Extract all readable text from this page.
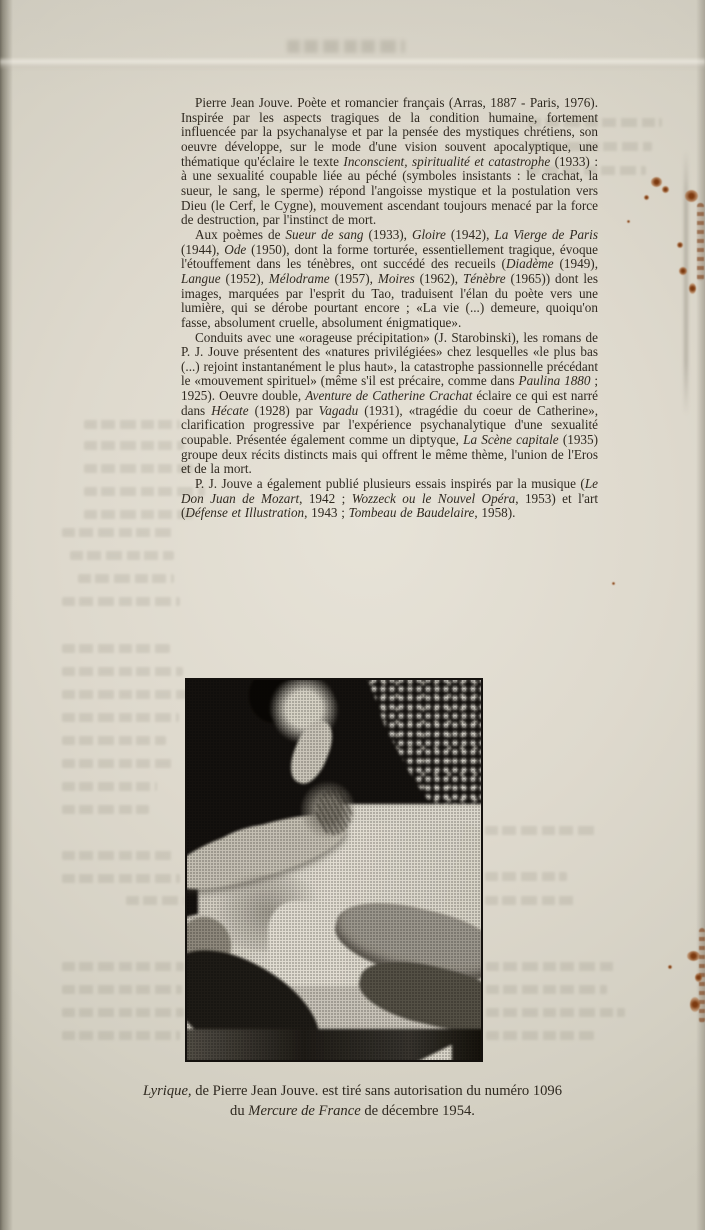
Pierre Jean Jouve. Poète et romancier français (Arras, 1887 - Paris, 1976). Inspirée par les aspects tragiques de la condition humaine, fortement influencée par la psychanalyse et par la pensée des mystiques chrétiens, son oeuvre développe, sur le mode d'une vision souvent apocalyptique, une thématique qu'éclaire le texte Inconscient, spiritualité et catastrophe (1933) : à une sexualité coupable liée au péché (symboles insistants : le crachat, la sueur, le sang, le sperme) répond l'angoisse mystique et la postulation vers Dieu (le Cerf, le Cygne), mouvement ascendant toujours menacé par la force de destruction, par l'instinct de mort.

Aux poèmes de Sueur de sang (1933), Gloire (1942), La Vierge de Paris (1944), Ode (1950), dont la forme torturée, essentiellement tragique, évoque l'étouffement dans les ténèbres, ont succédé des recueils (Diadème (1949), Langue (1952), Mélodrame (1957), Moires (1962), Ténèbre (1965)) dont les images, marquées par l'esprit du Tao, traduisent l'élan du poète vers une lumière, qui se dérobe pourtant encore ; «La vie (...) demeure, quoiqu'on fasse, absolument cruelle, absolument énigmatique».

Conduits avec une «orageuse précipitation» (J. Starobinski), les romans de P. J. Jouve présentent des «natures privilégiées» chez lesquelles «le plus bas (...) rejoint instantanément le plus haut», la catastrophe passionnelle précédant le «mouvement spirituel» (même s'il est précaire, comme dans Paulina 1880 ; 1925). Oeuvre double, Aventure de Catherine Crachat éclaire ce qui est narré dans Hécate (1928) par Vagadu (1931), «tragédie du coeur de Catherine», clarification progressive par l'expérience psychanalytique d'une sexualité coupable. Présentée également comme un diptyque, La Scène capitale (1935) groupe deux récits distincts mais qui offrent le même thème, l'union de l'Eros et de la mort.

P. J. Jouve a également publié plusieurs essais inspirés par la musique (Le Don Juan de Mozart, 1942 ; Wozzeck ou le Nouvel Opéra, 1953) et l'art (Défense et Illustration, 1943 ; Tombeau de Baudelaire, 1958).

Lyrique, de Pierre Jean Jouve. est tiré sans autorisation du numéro 1096
du Mercure de France de décembre 1954.
